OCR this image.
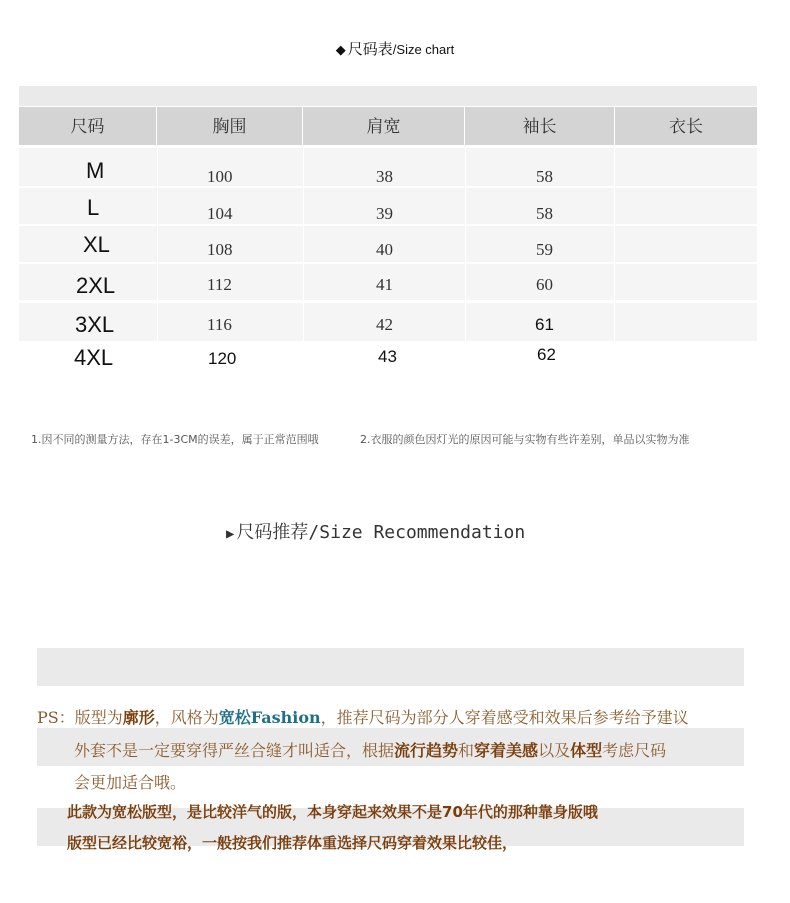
◆ 尺码表/Size chart
尺码	胸围	肩宽	袖长	衣长
M	100	38	58
L	104	39	58
XL	108	40	59
2XL	112	41	60
3XL	116	42	61
4XL	120	43	62
1.因不同的测量方法，存在1-3CM的误差，属于正常范围哦	2.衣服的颜色因灯光的原因可能与实物有些许差别，单品以实物为准
▶ 尺码推荐/Size Recommendation
PS：版型为廓形，风格为宽松Fashion，推荐尺码为部分人穿着感受和效果后参考给予建议
外套不是一定要穿得严丝合缝才叫适合，根据流行趋势和穿着美感以及体型考虑尺码
会更加适合哦。
此款为宽松版型，是比较洋气的版，本身穿起来效果不是70年代的那种靠身版哦
版型已经比较宽裕，一般按我们推荐体重选择尺码穿着效果比较佳，
